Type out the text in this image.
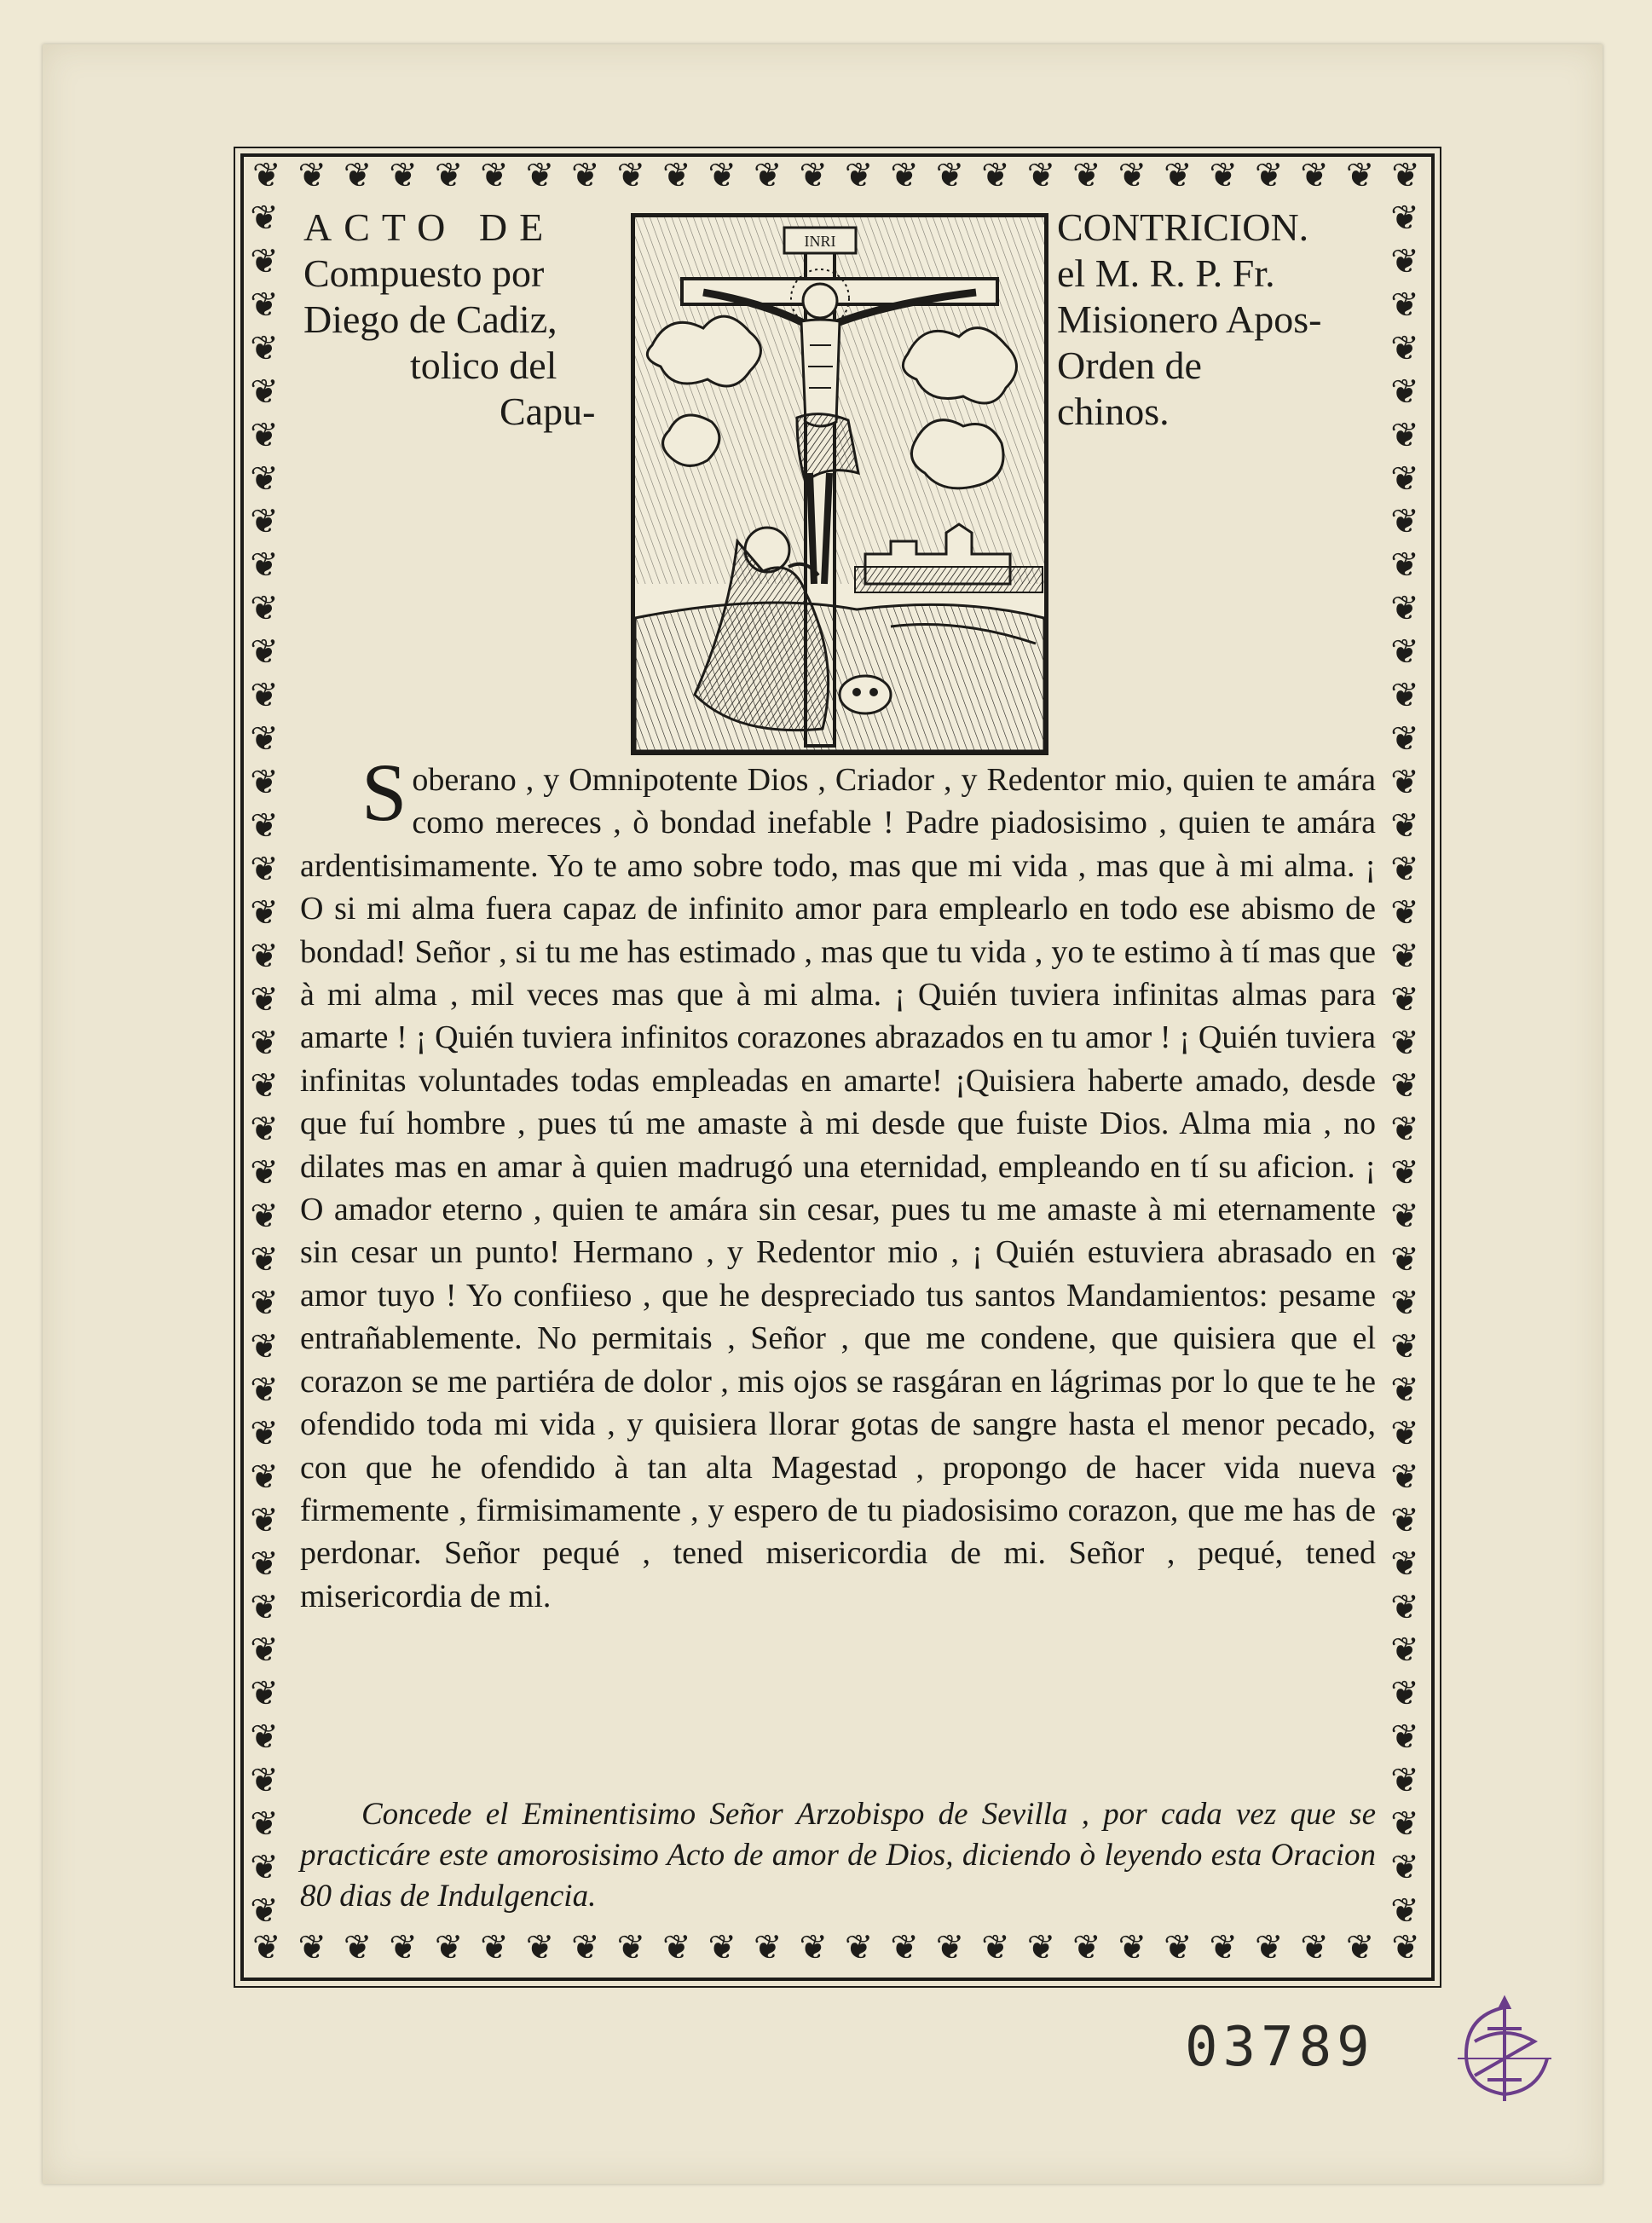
❦ ❦ ❦ ❦ ❦ ❦ ❦ ❦ ❦ ❦ ❦ ❦ ❦ ❦ ❦ ❦ ❦ ❦ ❦ ❦ ❦ ❦ ❦ ❦ ❦ ❦
❦ ❦ ❦ ❦ ❦ ❦ ❦ ❦ ❦ ❦ ❦ ❦ ❦ ❦ ❦ ❦ ❦ ❦ ❦ ❦ ❦ ❦ ❦ ❦ ❦ ❦
❦
❦
❦
❦
❦
❦
❦
❦
❦
❦
❦
❦
❦
❦
❦
❦
❦
❦
❦
❦
❦
❦
❦
❦
❦
❦
❦
❦
❦
❦
❦
❦
❦
❦
❦
❦
❦
❦
❦
❦
❦
❦
❦
❦
❦
❦
❦
❦
❦
❦
❦
❦
❦
❦
❦
❦
❦
❦
❦
❦
❦
❦
❦
❦
❦
❦
❦
❦
❦
❦
❦
❦
❦
❦
❦
❦
❦
❦
❦
❦
ACTO DE
Compuesto por
Diego de Cadiz,
tolico del
Capu-
CONTRICION.
el M. R. P. Fr.
Misionero Apos-
Orden de
chinos.
INRI
Soberano , y Omnipotente Dios , Criador , y Redentor mio, quien te amára como mereces , ò bondad inefable ! Padre piadosisimo , quien te amára ardentisimamente. Yo te amo sobre todo, mas que mi vida , mas que à mi alma. ¡ O si mi alma fuera capaz de infinito amor para emplearlo en todo ese abismo de bondad! Señor , si tu me has estimado , mas que tu vida , yo te estimo à tí mas que à mi alma , mil veces mas que à mi alma. ¡ Quién tuviera infinitas almas para amarte ! ¡ Quién tuviera infinitos corazones abrazados en tu amor ! ¡ Quién tuviera infinitas voluntades todas empleadas en amarte! ¡Quisiera haberte amado, desde que fuí hombre , pues tú me amaste à mi desde que fuiste Dios. Alma mia , no dilates mas en amar à quien madrugó una eternidad, empleando en tí su aficion. ¡ O amador eterno , quien te amára sin cesar, pues tu me amaste à mi eternamente sin cesar un punto! Hermano , y Redentor mio , ¡ Quién estuviera abrasado en amor tuyo ! Yo confiieso , que he despreciado tus santos Mandamientos: pesame entrañablemente. No permitais , Señor , que me condene, que quisiera que el corazon se me partiéra de dolor , mis ojos se rasgáran en lágrimas por lo que te he ofendido toda mi vida , y quisiera llorar gotas de sangre hasta el menor pecado, con que he ofendido à tan alta Magestad , propongo de hacer vida nueva firmemente , firmisimamente , y espero de tu piadosisimo corazon, que me has de perdonar. Señor pequé , tened misericordia de mi. Señor , pequé, tened misericordia de mi.
Concede el Eminentisimo Señor Arzobispo de Sevilla , por cada vez que se practicáre este amorosisimo Acto de amor de Dios, diciendo ò leyendo esta Oracion 80 dias de Indulgencia.
03789
